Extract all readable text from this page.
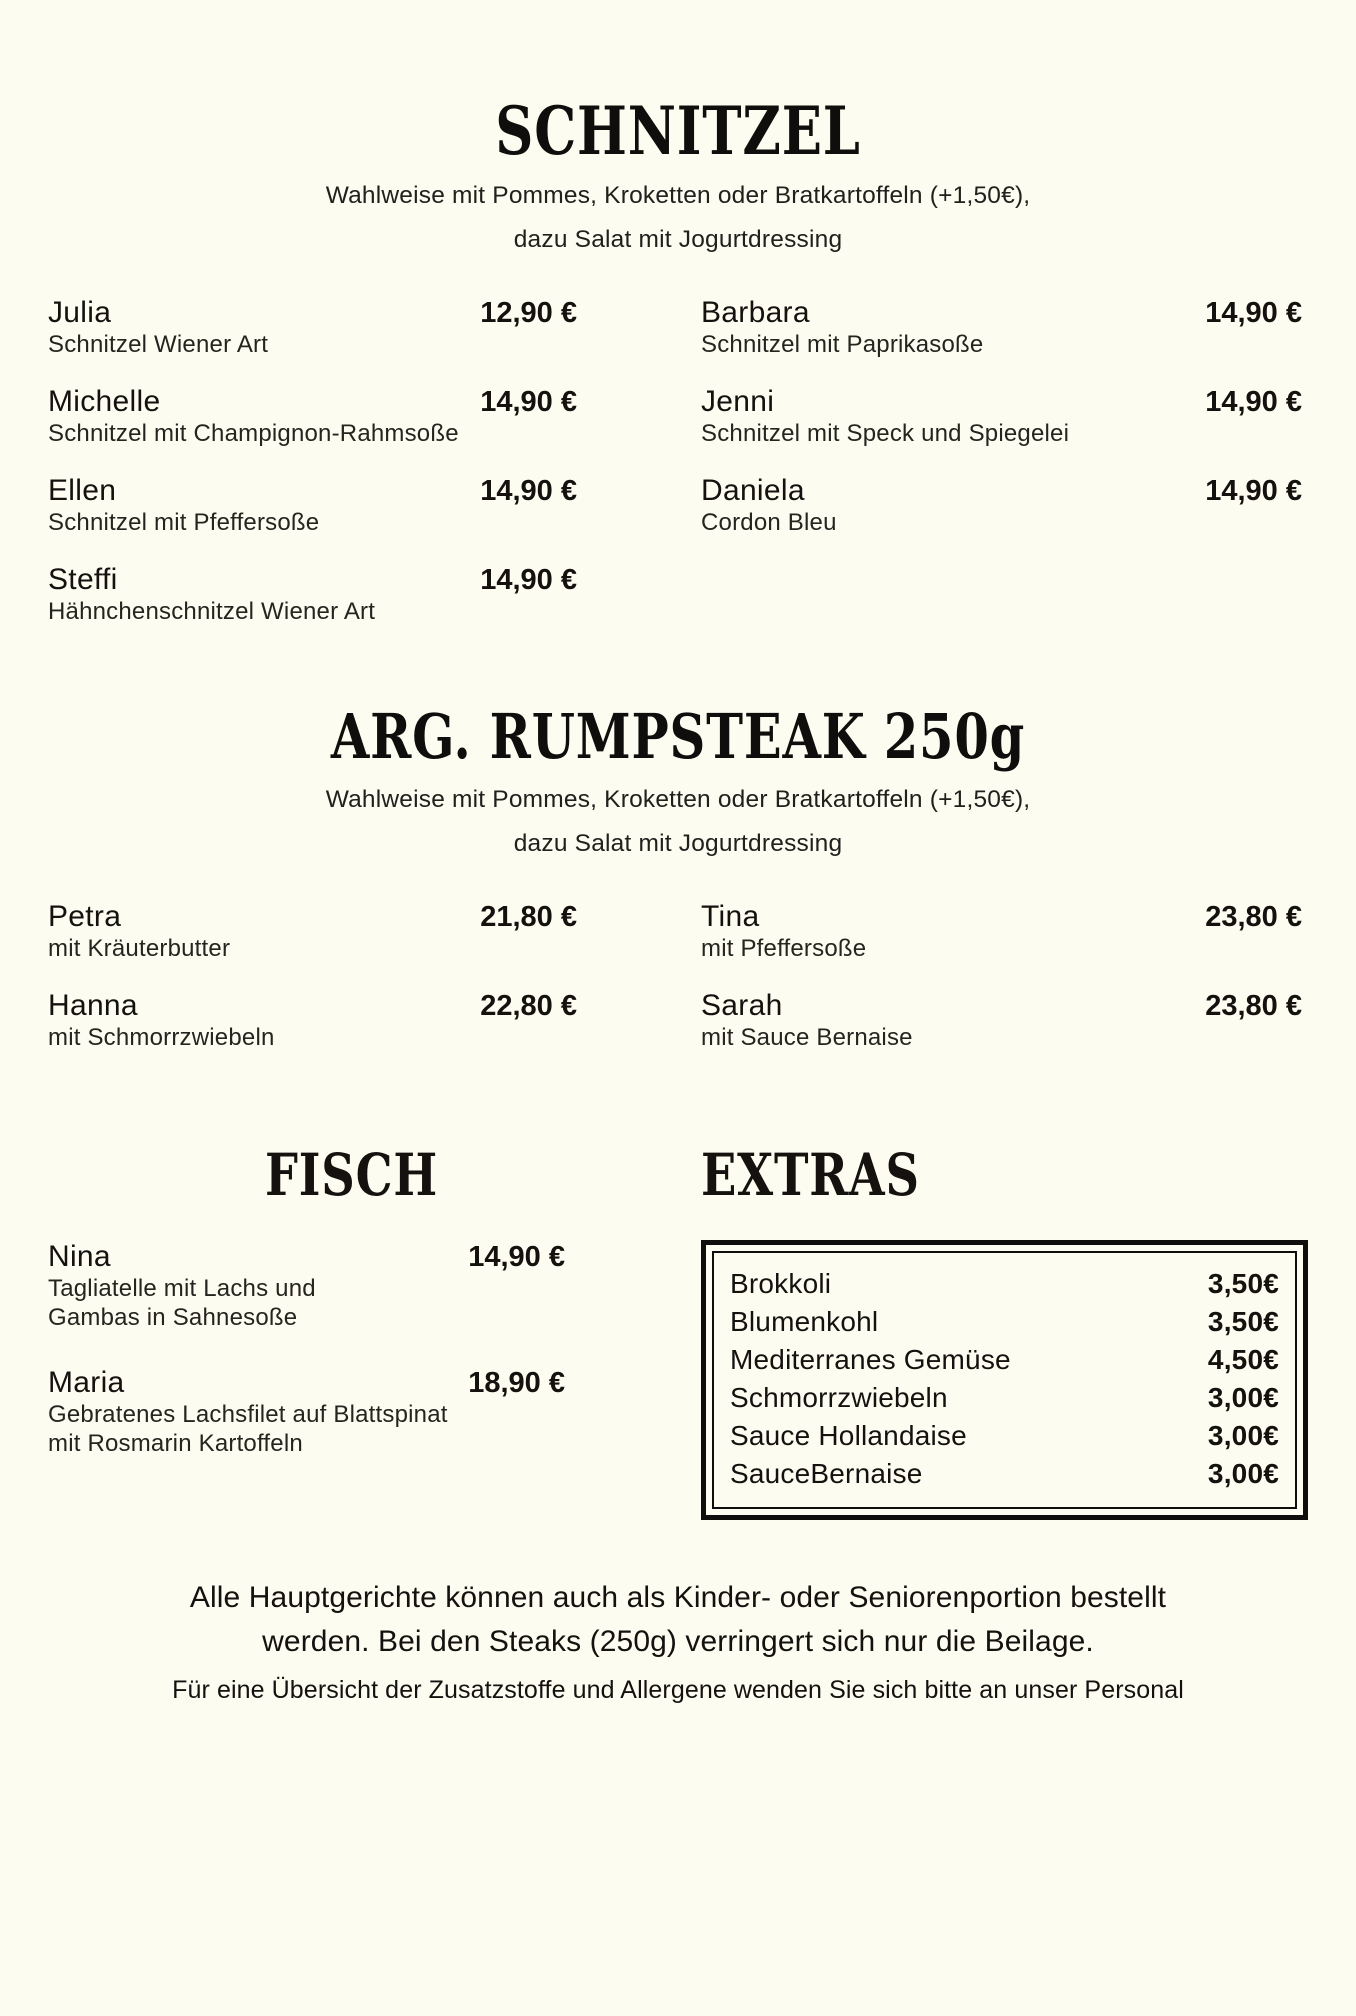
SCHNITZEL
Wahlweise mit Pommes, Kroketten oder Bratkartoffeln (+1,50€),
dazu Salat mit Jogurtdressing
Julia	12,90 €
Schnitzel Wiener Art
Michelle	14,90 €
Schnitzel mit Champignon-Rahmsoße
Ellen	14,90 €
Schnitzel mit Pfeffersoße
Steffi	14,90 €
Hähnchenschnitzel Wiener Art
Barbara	14,90 €
Schnitzel mit Paprikasoße
Jenni	14,90 €
Schnitzel mit Speck und Spiegelei
Daniela	14,90 €
Cordon Bleu
ARG. RUMPSTEAK 250g
Wahlweise mit Pommes, Kroketten oder Bratkartoffeln (+1,50€),
dazu Salat mit Jogurtdressing
Petra	21,80 €
mit Kräuterbutter
Hanna	22,80 €
mit Schmorrzwiebeln
Tina	23,80 €
mit Pfeffersoße
Sarah	23,80 €
mit Sauce Bernaise
FISCH
Nina	14,90 €
Tagliatelle mit Lachs und
Gambas in Sahnesoße
Maria	18,90 €
Gebratenes Lachsfilet auf Blattspinat
mit Rosmarin Kartoffeln
EXTRAS
Brokkoli	3,50€
Blumenkohl	3,50€
Mediterranes Gemüse	4,50€
Schmorrzwiebeln	3,00€
Sauce Hollandaise	3,00€
SauceBernaise	3,00€
Alle Hauptgerichte können auch als Kinder- oder Seniorenportion bestellt
werden. Bei den Steaks (250g) verringert sich nur die Beilage.
Für eine Übersicht der Zusatzstoffe und Allergene wenden Sie sich bitte an unser Personal
